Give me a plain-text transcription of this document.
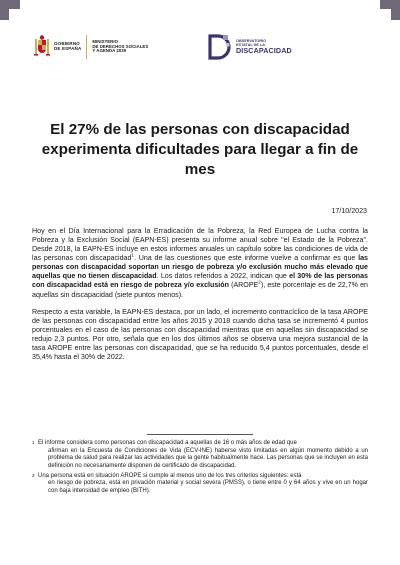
GOBIERNO
DE ESPAÑA
MINISTERIO
DE DERECHOS SOCIALES
Y AGENDA 2030
OBSERVATORIO
ESTATAL DE LA
DISCAPACIDAD
El 27% de las personas con discapacidad experimenta dificultades para llegar a fin de mes
17/10/2023

Hoy en el Día Internacional para la Erradicación de la Pobreza, la Red Europea de Lucha contra la Pobreza y la Exclusión Social (EAPN-ES) presenta su informe anual sobre "el Estado de la Pobreza". Desde 2018, la EAPN-ES incluye en estos informes anuales un capítulo sobre las condiciones de vida de las personas con discapacidad$^1$. Una de las cuestiones que este informe vuelve a confirmar es que las personas con discapacidad soportan un riesgo de pobreza y/o exclusión mucho más elevado que aquellas que no tienen discapacidad. Los datos referidos a 2022, indican que el 30% de las personas con discapacidad está en riesgo de pobreza y/o exclusión (AROPE$^2$), este porcentaje es de 22,7% en aquellas sin discapacidad (siete puntos menos).

Respecto a esta variable, la EAPN-ES destaca, por un lado, el incremento contracíclico de la tasa AROPE de las personas con discapacidad entre los años 2015 y 2018 cuando dicha tasa se incrementó 4 puntos porcentuales en el caso de las personas con discapacidad mientras que en aquellas sin discapacidad se redujo 2,3 puntos. Por otro, señala que en los dos últimos años se observa una mejora sustancial de la tasa AROPE entre las personas con discapacidad, que se ha reducido 5,4 puntos porcentuales, desde el 35,4% hasta el 30% de 2022.

1 El informe considera como personas con discapacidad a aquellas de 16 o más años de edad que
afirman en la Encuesta de Condiciones de Vida (ECV-INE) haberse visto limitadas en algún momento debido a un problema de salud para realizar las actividades que la gente habitualmente hace. Las personas que se incluyen en esta definición no necesariamente disponen de certificado de discapacidad.
2 Una persona está en situación AROPE si cumple al menos uno de los tres criterios siguientes: está
en riesgo de pobreza, está en privación material y social severa (PMSS), o tiene entre 0 y 64 años y vive en un hogar con baja intensidad de empleo (BITH).
